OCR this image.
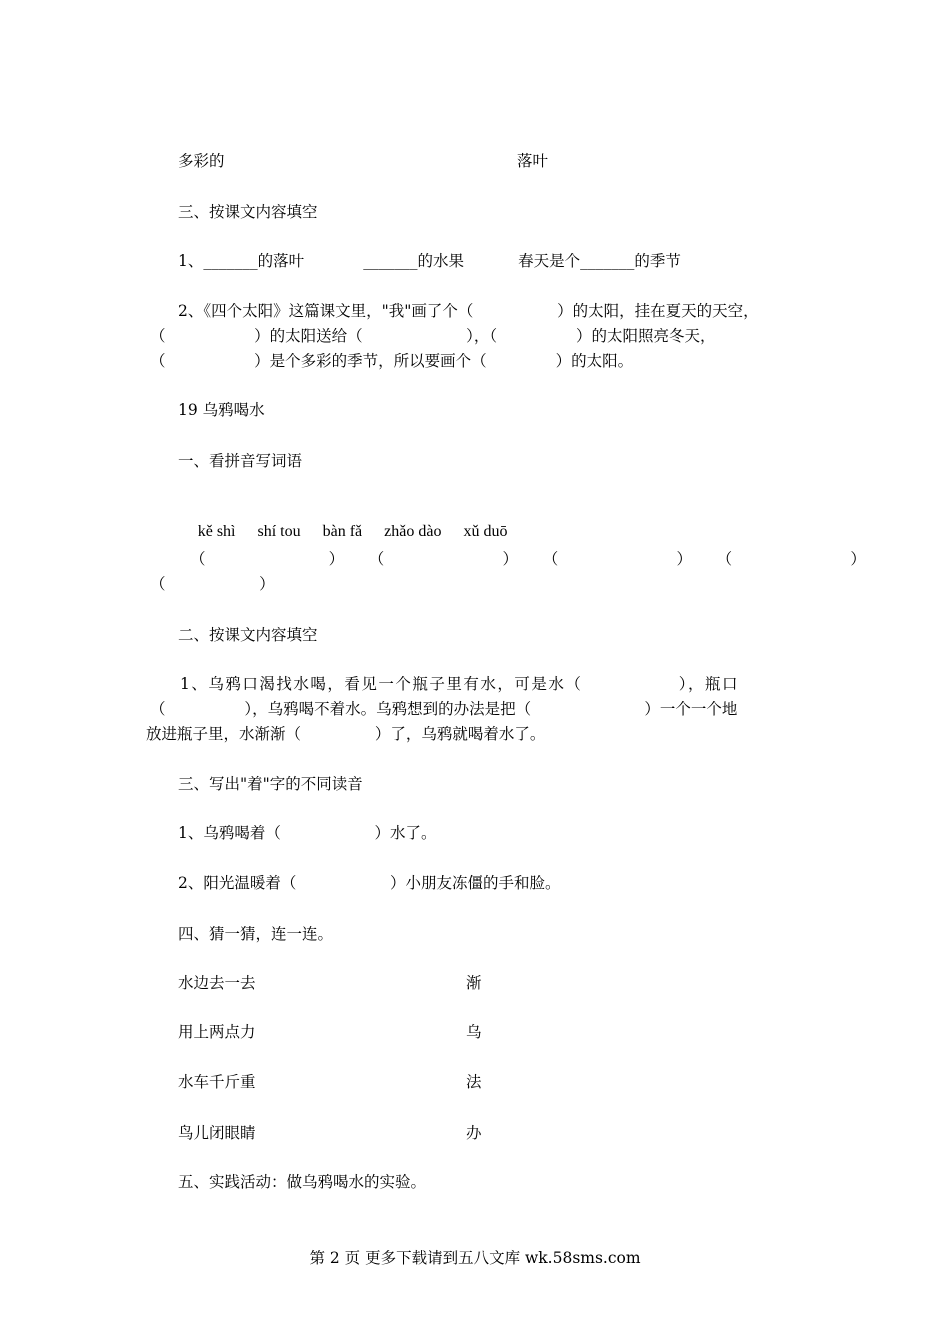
多彩的	落叶
三、按课文内容填空
1、_______的落叶            _______的水果           春天是个_______的季节
2、《四个太阳》这篇课文里，"我"画了个（                 ）的太阳，挂在夏天的天空，
（                  ）的太阳送给（                     ），（                ）的太阳照亮冬天，
（                  ）是个多彩的季节，所以要画个（              ）的太阳。
19 乌鸦喝水
一、看拼音写词语

kě shì shí tou bàn fǎ zhǎo dào xǔ duō

（                         ）     （                        ）     （                        ）     （                        ）
（                   ）
二、按课文内容填空
1、乌鸦口渴找水喝，看见一个瓶子里有水，可是水（               ），瓶口
（                ），乌鸦喝不着水。乌鸦想到的办法是把（                       ）一个一个地
放进瓶子里，水渐渐（               ）了，乌鸦就喝着水了。
三、写出"着"字的不同读音
1、乌鸦喝着（                   ）水了。
2、阳光温暖着（                   ）小朋友冻僵的手和脸。
四、猜一猜，连一连。
水边去一去	渐
用上两点力	乌
水车千斤重	法
鸟儿闭眼睛	办
五、实践活动：做乌鸦喝水的实验。
第 2 页 更多下载请到五八文库 wk.58sms.com
